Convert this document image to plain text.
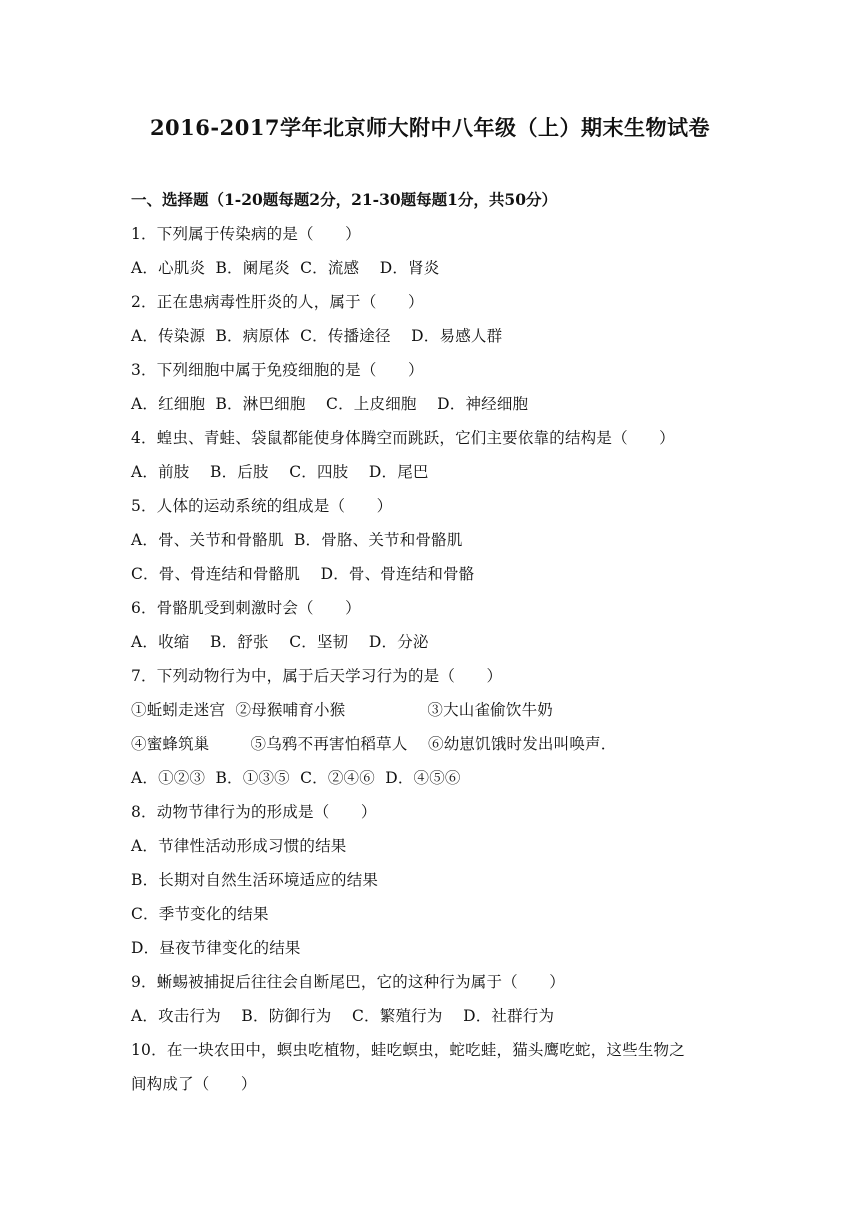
2016-2017学年北京师大附中八年级（上）期末生物试卷
一、选择题（1-20题每题2分，21-30题每题1分，共50分）
1．下列属于传染病的是（　　）
A．心肌炎  B．阑尾炎  C．流感    D．肾炎
2．正在患病毒性肝炎的人，属于（　　）
A．传染源  B．病原体  C．传播途径    D．易感人群
3．下列细胞中属于免疫细胞的是（　　）
A．红细胞  B．淋巴细胞    C．上皮细胞    D．神经细胞
4．蝗虫、青蛙、袋鼠都能使身体腾空而跳跃，它们主要依靠的结构是（　　）
A．前肢    B．后肢    C．四肢    D．尾巴
5．人体的运动系统的组成是（　　）
A．骨、关节和骨骼肌  B．骨胳、关节和骨骼肌
C．骨、骨连结和骨骼肌    D．骨、骨连结和骨骼
6．骨骼肌受到刺激时会（　　）
A．收缩    B．舒张    C．坚韧    D．分泌
7．下列动物行为中，属于后天学习行为的是（　　）
①蚯蚓走迷宫  ②母猴哺育小猴                ③大山雀偷饮牛奶
④蜜蜂筑巢        ⑤乌鸦不再害怕稻草人    ⑥幼崽饥饿时发出叫唤声．
A．①②③  B．①③⑤  C．②④⑥  D．④⑤⑥
8．动物节律行为的形成是（　　）
A．节律性活动形成习惯的结果
B．长期对自然生活环境适应的结果
C．季节变化的结果
D．昼夜节律变化的结果
9．蜥蜴被捕捉后往往会自断尾巴，它的这种行为属于（　　）
A．攻击行为    B．防御行为    C．繁殖行为    D．社群行为
10．在一块农田中，螟虫吃植物，蛙吃螟虫，蛇吃蛙，猫头鹰吃蛇，这些生物之
间构成了（　　）
